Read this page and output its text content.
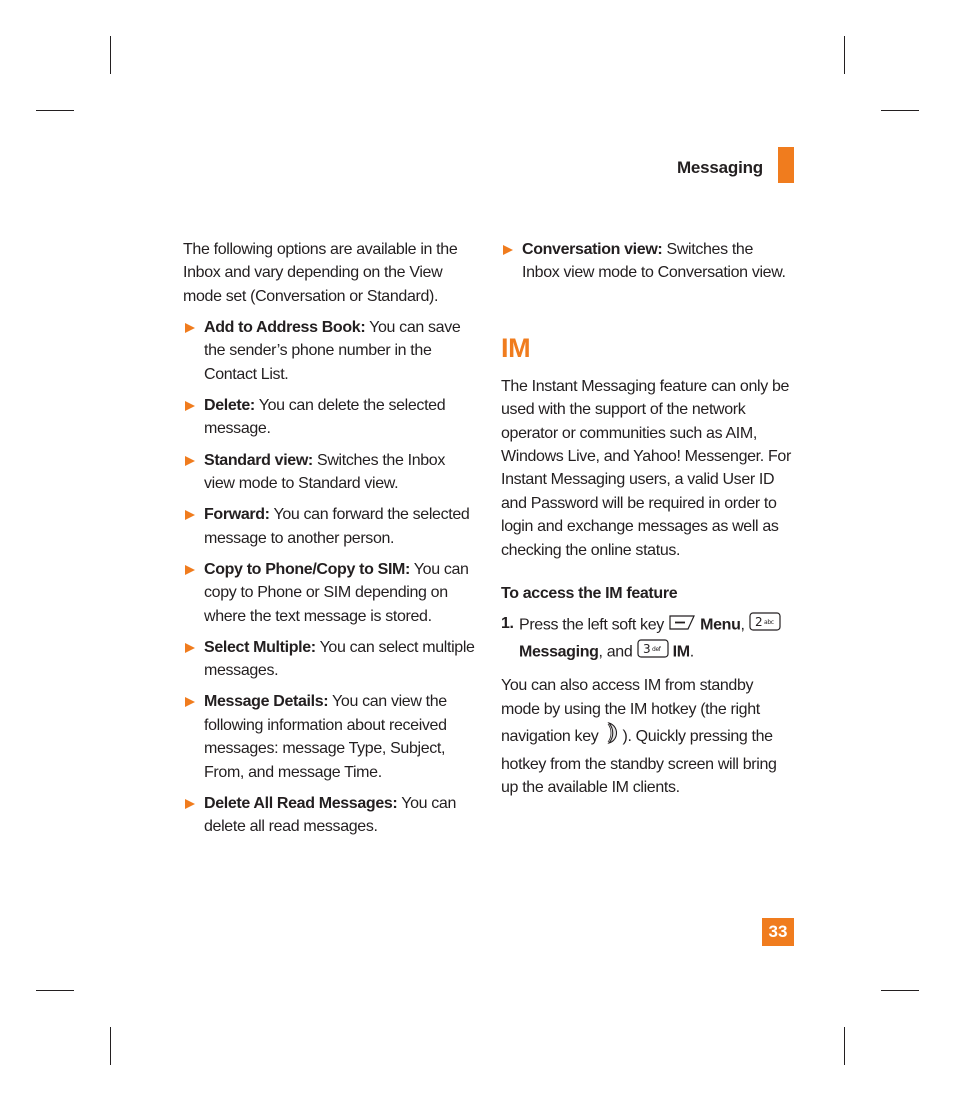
Messaging

The following options are available in the Inbox and vary depending on the View mode set (Conversation or Standard).

Add to Address Book: You can save the sender’s phone number in the Contact List.
Delete: You can delete the selected message.
Standard view: Switches the Inbox view mode to Standard view.
Forward: You can forward the selected message to another person.
Copy to Phone/Copy to SIM: You can copy to Phone or SIM depending on where the text message is stored.
Select Multiple: You can select multiple messages.
Message Details: You can view the following information about received messages: message Type, Subject, From, and message Time.
Delete All Read Messages: You can delete all read messages.
Conversation view: Switches the Inbox view mode to Conversation view.
IM

The Instant Messaging feature can only be used with the support of the network operator or communities such as AIM, Windows Live, and Yahoo! Messenger. For Instant Messaging users, a valid User ID and Password will be required in order to login and exchange messages as well as checking the online status.

To access the IM feature
1. Press the left soft key Menu, 2 abc

Messaging, and 3 def IM.

You can also access IM from standby mode by using the IM hotkey (the right navigation key ). Quickly pressing the hotkey from the standby screen will bring up the available IM clients.

33
